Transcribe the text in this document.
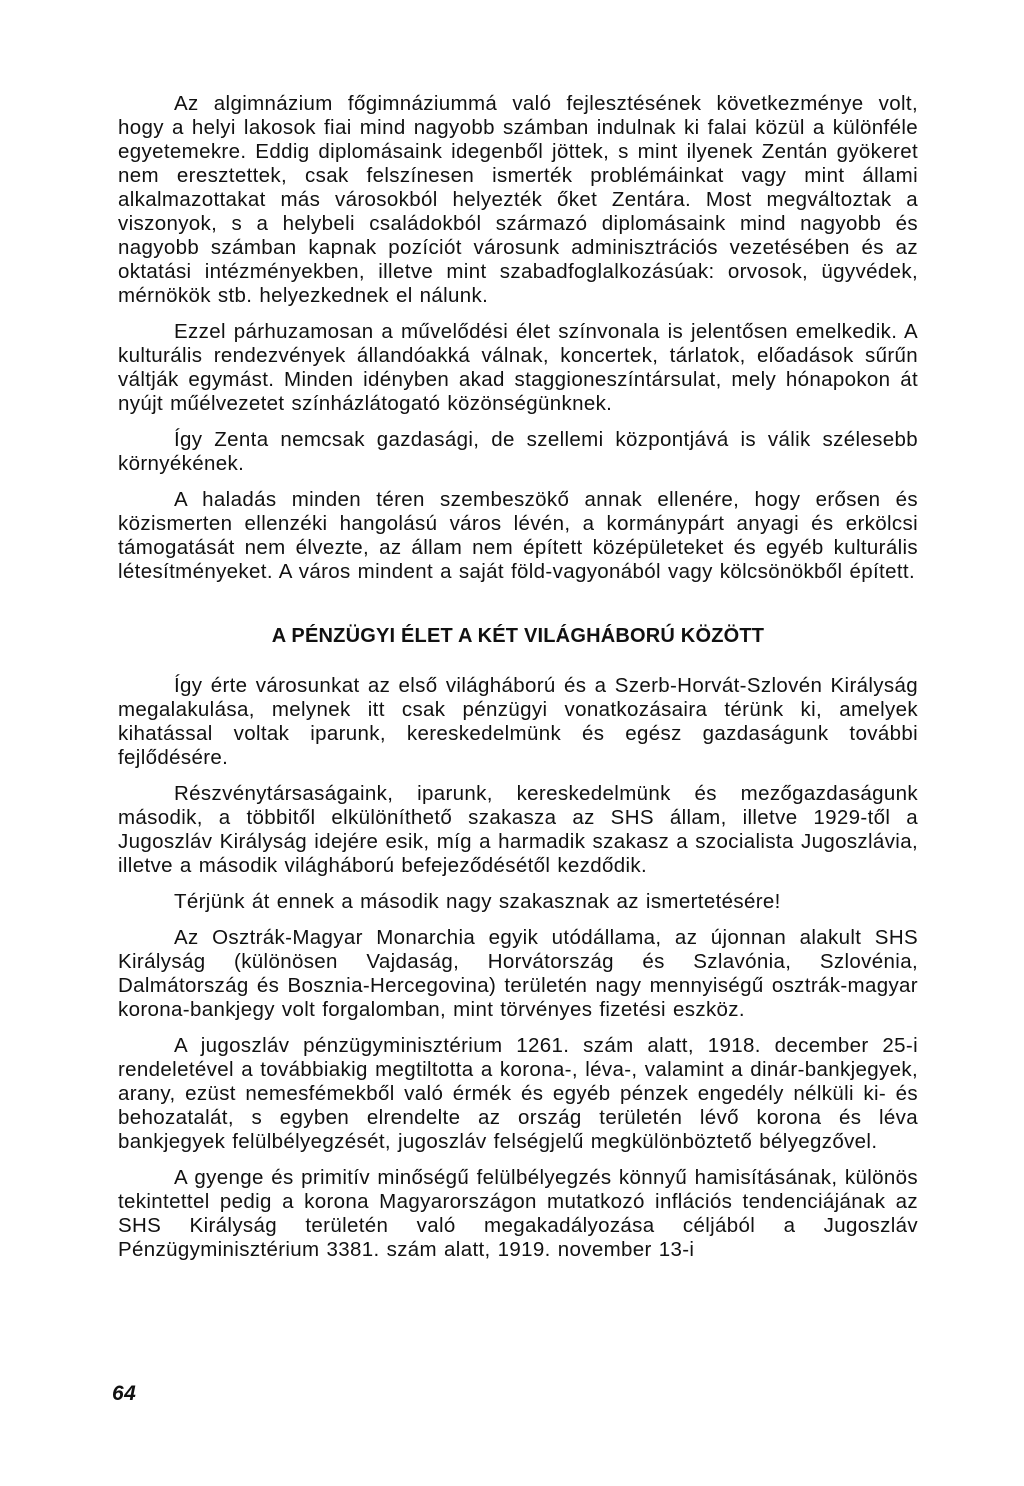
Az algimnázium főgimnáziummá való fejlesztésének következménye volt, hogy a helyi lakosok fiai mind nagyobb számban indulnak ki falai közül a különféle egyetemekre. Eddig diplomásaink idegenből jöttek, s mint ilyenek Zentán gyökeret nem eresztettek, csak felszínesen ismerték problémáinkat vagy mint állami alkalmazottakat más városokból helyezték őket Zentára. Most megváltoztak a viszonyok, s a helybeli családokból származó diplomásaink mind nagyobb és nagyobb számban kapnak pozíciót városunk adminisztrációs vezetésében és az oktatási intézményekben, illetve mint szabadfoglalkozásúak: orvosok, ügyvédek, mérnökök stb. helyezkednek el nálunk.

Ezzel párhuzamosan a művelődési élet színvonala is jelentősen emelkedik. A kulturális rendezvények állandóakká válnak, koncertek, tárlatok, előadások sűrűn váltják egymást. Minden idényben akad staggioneszíntársulat, mely hónapokon át nyújt műélvezetet színházlátogató közönségünknek.

Így Zenta nemcsak gazdasági, de szellemi központjává is válik szélesebb környékének.

A haladás minden téren szembeszökő annak ellenére, hogy erősen és közismerten ellenzéki hangolású város lévén, a kormánypárt anyagi és erkölcsi támogatását nem élvezte, az állam nem épített középületeket és egyéb kulturális létesítményeket. A város mindent a saját föld-vagyonából vagy kölcsönökből épített.

A PÉNZÜGYI ÉLET A KÉT VILÁGHÁBORÚ KÖZÖTT

Így érte városunkat az első világháború és a Szerb-Horvát-Szlovén Királyság megalakulása, melynek itt csak pénzügyi vonatkozásaira térünk ki, amelyek kihatással voltak iparunk, kereskedelmünk és egész gazdaságunk további fejlődésére.

Részvénytársaságaink, iparunk, kereskedelmünk és mezőgazdaságunk második, a többitől elkülöníthető szakasza az SHS állam, illetve 1929-től a Jugoszláv Királyság idejére esik, míg a harmadik szakasz a szocialista Jugoszlávia, illetve a második világháború befejeződésétől kezdődik.

Térjünk át ennek a második nagy szakasznak az ismertetésére!

Az Osztrák-Magyar Monarchia egyik utódállama, az újonnan alakult SHS Királyság (különösen Vajdaság, Horvátország és Szlavónia, Szlovénia, Dalmátország és Bosznia-Hercegovina) területén nagy mennyiségű osztrák-magyar korona-bankjegy volt forgalomban, mint törvényes fizetési eszköz.

A jugoszláv pénzügyminisztérium 1261. szám alatt, 1918. december 25-i rendeletével a továbbiakig megtiltotta a korona-, léva-, valamint a dinár-bankjegyek, arany, ezüst nemesfémekből való érmék és egyéb pénzek engedély nélküli ki- és behozatalát, s egyben elrendelte az ország területén lévő korona és léva bankjegyek felülbélyegzését, jugoszláv felségjelű megkülönböztető bélyegzővel.

A gyenge és primitív minőségű felülbélyegzés könnyű hamisításának, különös tekintettel pedig a korona Magyarországon mutatkozó inflációs tendenciájának az SHS Királyság területén való megakadályozása céljából a Jugoszláv Pénzügyminisztérium 3381. szám alatt, 1919. november 13-i

64
